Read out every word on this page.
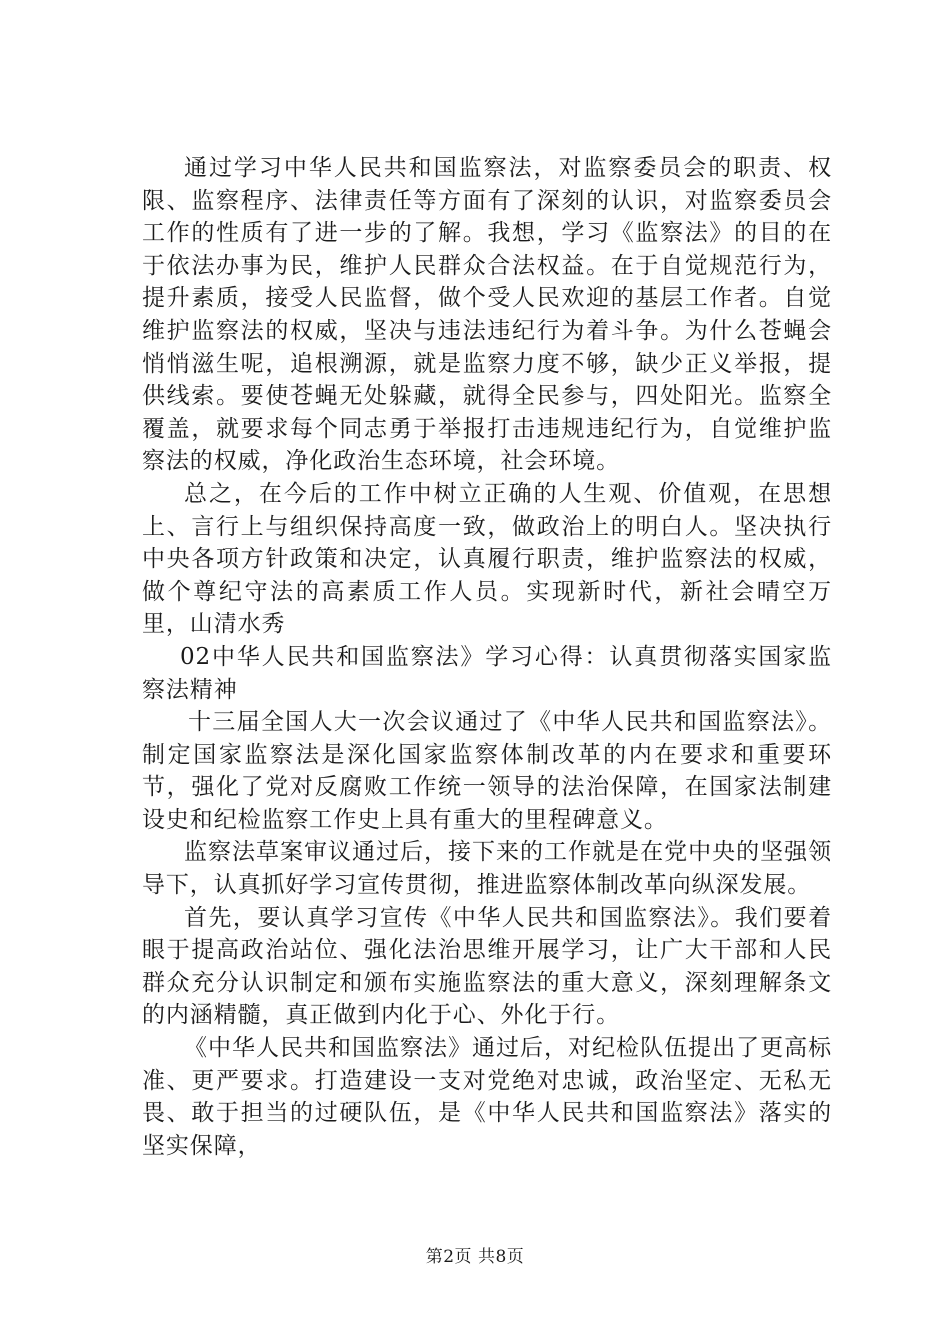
通过学习中华人民共和国监察法，对监察委员会的职责、权限、监察程序、法律责任等方面有了深刻的认识，对监察委员会工作的性质有了进一步的了解。我想，学习《监察法》的目的在于依法办事为民，维护人民群众合法权益。在于自觉规范行为，提升素质，接受人民监督，做个受人民欢迎的基层工作者。自觉维护监察法的权威，坚决与违法违纪行为着斗争。为什么苍蝇会悄悄滋生呢，追根溯源，就是监察力度不够，缺少正义举报，提供线索。要使苍蝇无处躲藏，就得全民参与，四处阳光。监察全覆盖，就要求每个同志勇于举报打击违规违纪行为，自觉维护监察法的权威，净化政治生态环境，社会环境。

总之，在今后的工作中树立正确的人生观、价值观，在思想上、言行上与组织保持高度一致，做政治上的明白人。坚决执行中央各项方针政策和决定，认真履行职责，维护监察法的权威，做个尊纪守法的高素质工作人员。实现新时代，新社会晴空万里，山清水秀

02中华人民共和国监察法》学习心得：认真贯彻落实国家监察法精神

十三届全国人大一次会议通过了《中华人民共和国监察法》。制定国家监察法是深化国家监察体制改革的内在要求和重要环节，强化了党对反腐败工作统一领导的法治保障，在国家法制建设史和纪检监察工作史上具有重大的里程碑意义。

监察法草案审议通过后，接下来的工作就是在党中央的坚强领导下，认真抓好学习宣传贯彻，推进监察体制改革向纵深发展。

首先，要认真学习宣传《中华人民共和国监察法》。我们要着眼于提高政治站位、强化法治思维开展学习，让广大干部和人民群众充分认识制定和颁布实施监察法的重大意义，深刻理解条文的内涵精髓，真正做到内化于心、外化于行。

《中华人民共和国监察法》通过后，对纪检队伍提出了更高标准、更严要求。打造建设一支对党绝对忠诚，政治坚定、无私无畏、敢于担当的过硬队伍，是《中华人民共和国监察法》落实的坚实保障，

第2页 共8页
